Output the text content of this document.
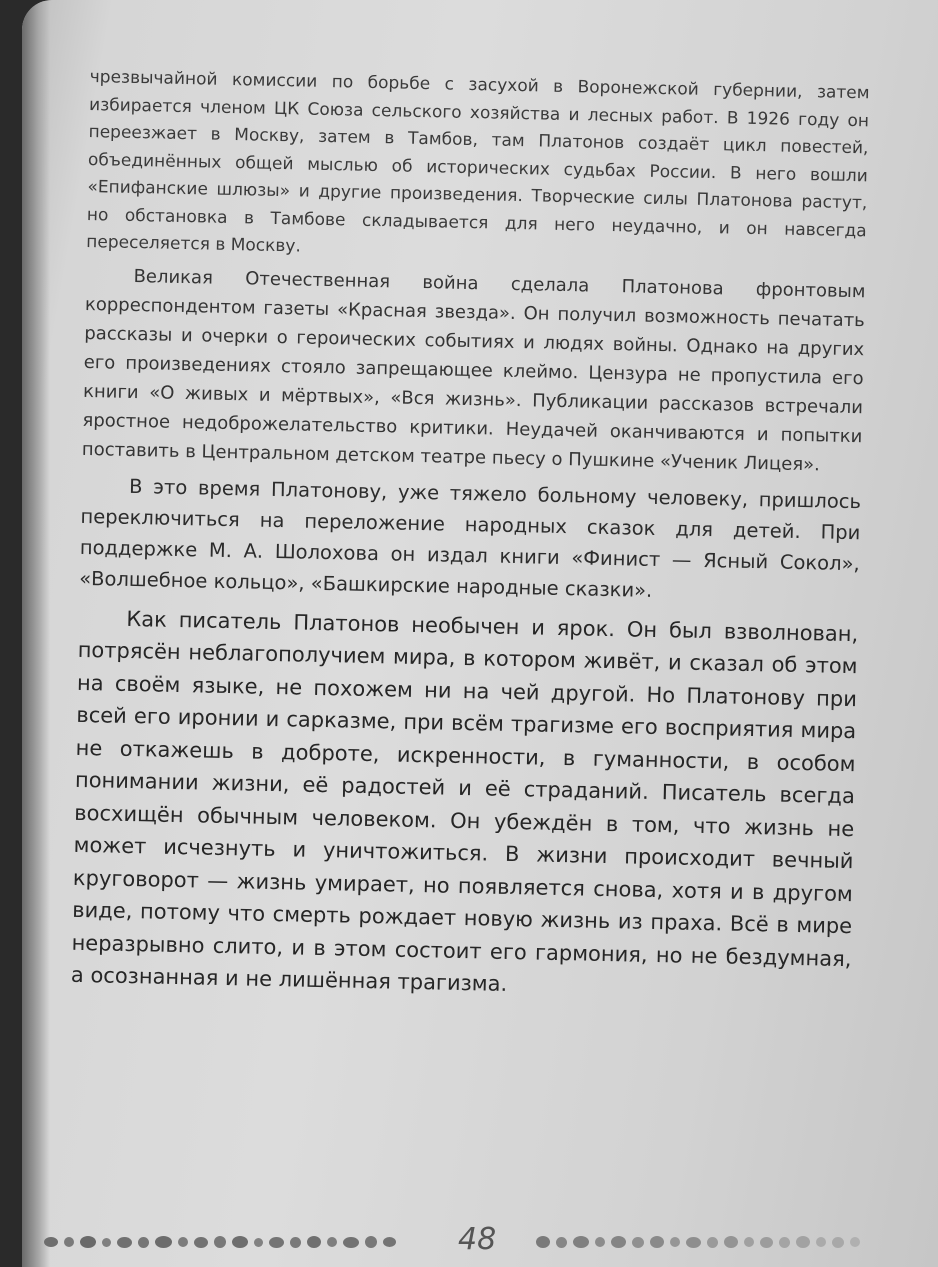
чрезвычайной комиссии по борьбе с засухой в Воронежской губернии, затем избирается членом ЦК Союза сельского хозяйства и лесных работ. В 1926 году он переезжает в Москву, затем в Тамбов, там Платонов создаёт цикл повестей, объединённых общей мыслью об исторических судьбах России. В него вошли «Епифанские шлюзы» и другие произведения. Творческие силы Платонова растут, но обстановка в Тамбове складывается для него неудачно, и он навсегда переселяется в Москву.

Великая Отечественная война сделала Платонова фронтовым корреспондентом газеты «Красная звезда». Он получил возможность печатать рассказы и очерки о героических событиях и людях войны. Однако на других его произведениях стояло запрещающее клеймо. Цензура не пропустила его книги «О живых и мёртвых», «Вся жизнь». Публикации рассказов встречали яростное недоброжелательство критики. Неудачей оканчиваются и попытки поставить в Центральном детском театре пьесу о Пушкине «Ученик Лицея».

В это время Платонову, уже тяжело больному человеку, пришлось переключиться на переложение народных сказок для детей. При поддержке М. А. Шолохова он издал книги «Финист — Ясный Сокол», «Волшебное кольцо», «Башкирские народные сказки».

Как писатель Платонов необычен и ярок. Он был взволнован, потрясён неблагополучием мира, в котором живёт, и сказал об этом на своём языке, не похожем ни на чей другой. Но Платонову при всей его иронии и сарказме, при всём трагизме его восприятия мира не откажешь в доброте, искренности, в гуманности, в особом понимании жизни, её радостей и её страданий. Писатель всегда восхищён обычным человеком. Он убеждён в том, что жизнь не может исчезнуть и уничтожиться. В жизни происходит вечный круговорот — жизнь умирает, но появляется снова, хотя и в другом виде, потому что смерть рождает новую жизнь из праха. Всё в мире неразрывно слито, и в этом состоит его гармония, но не бездумная, а осознанная и не лишённая трагизма.

48
